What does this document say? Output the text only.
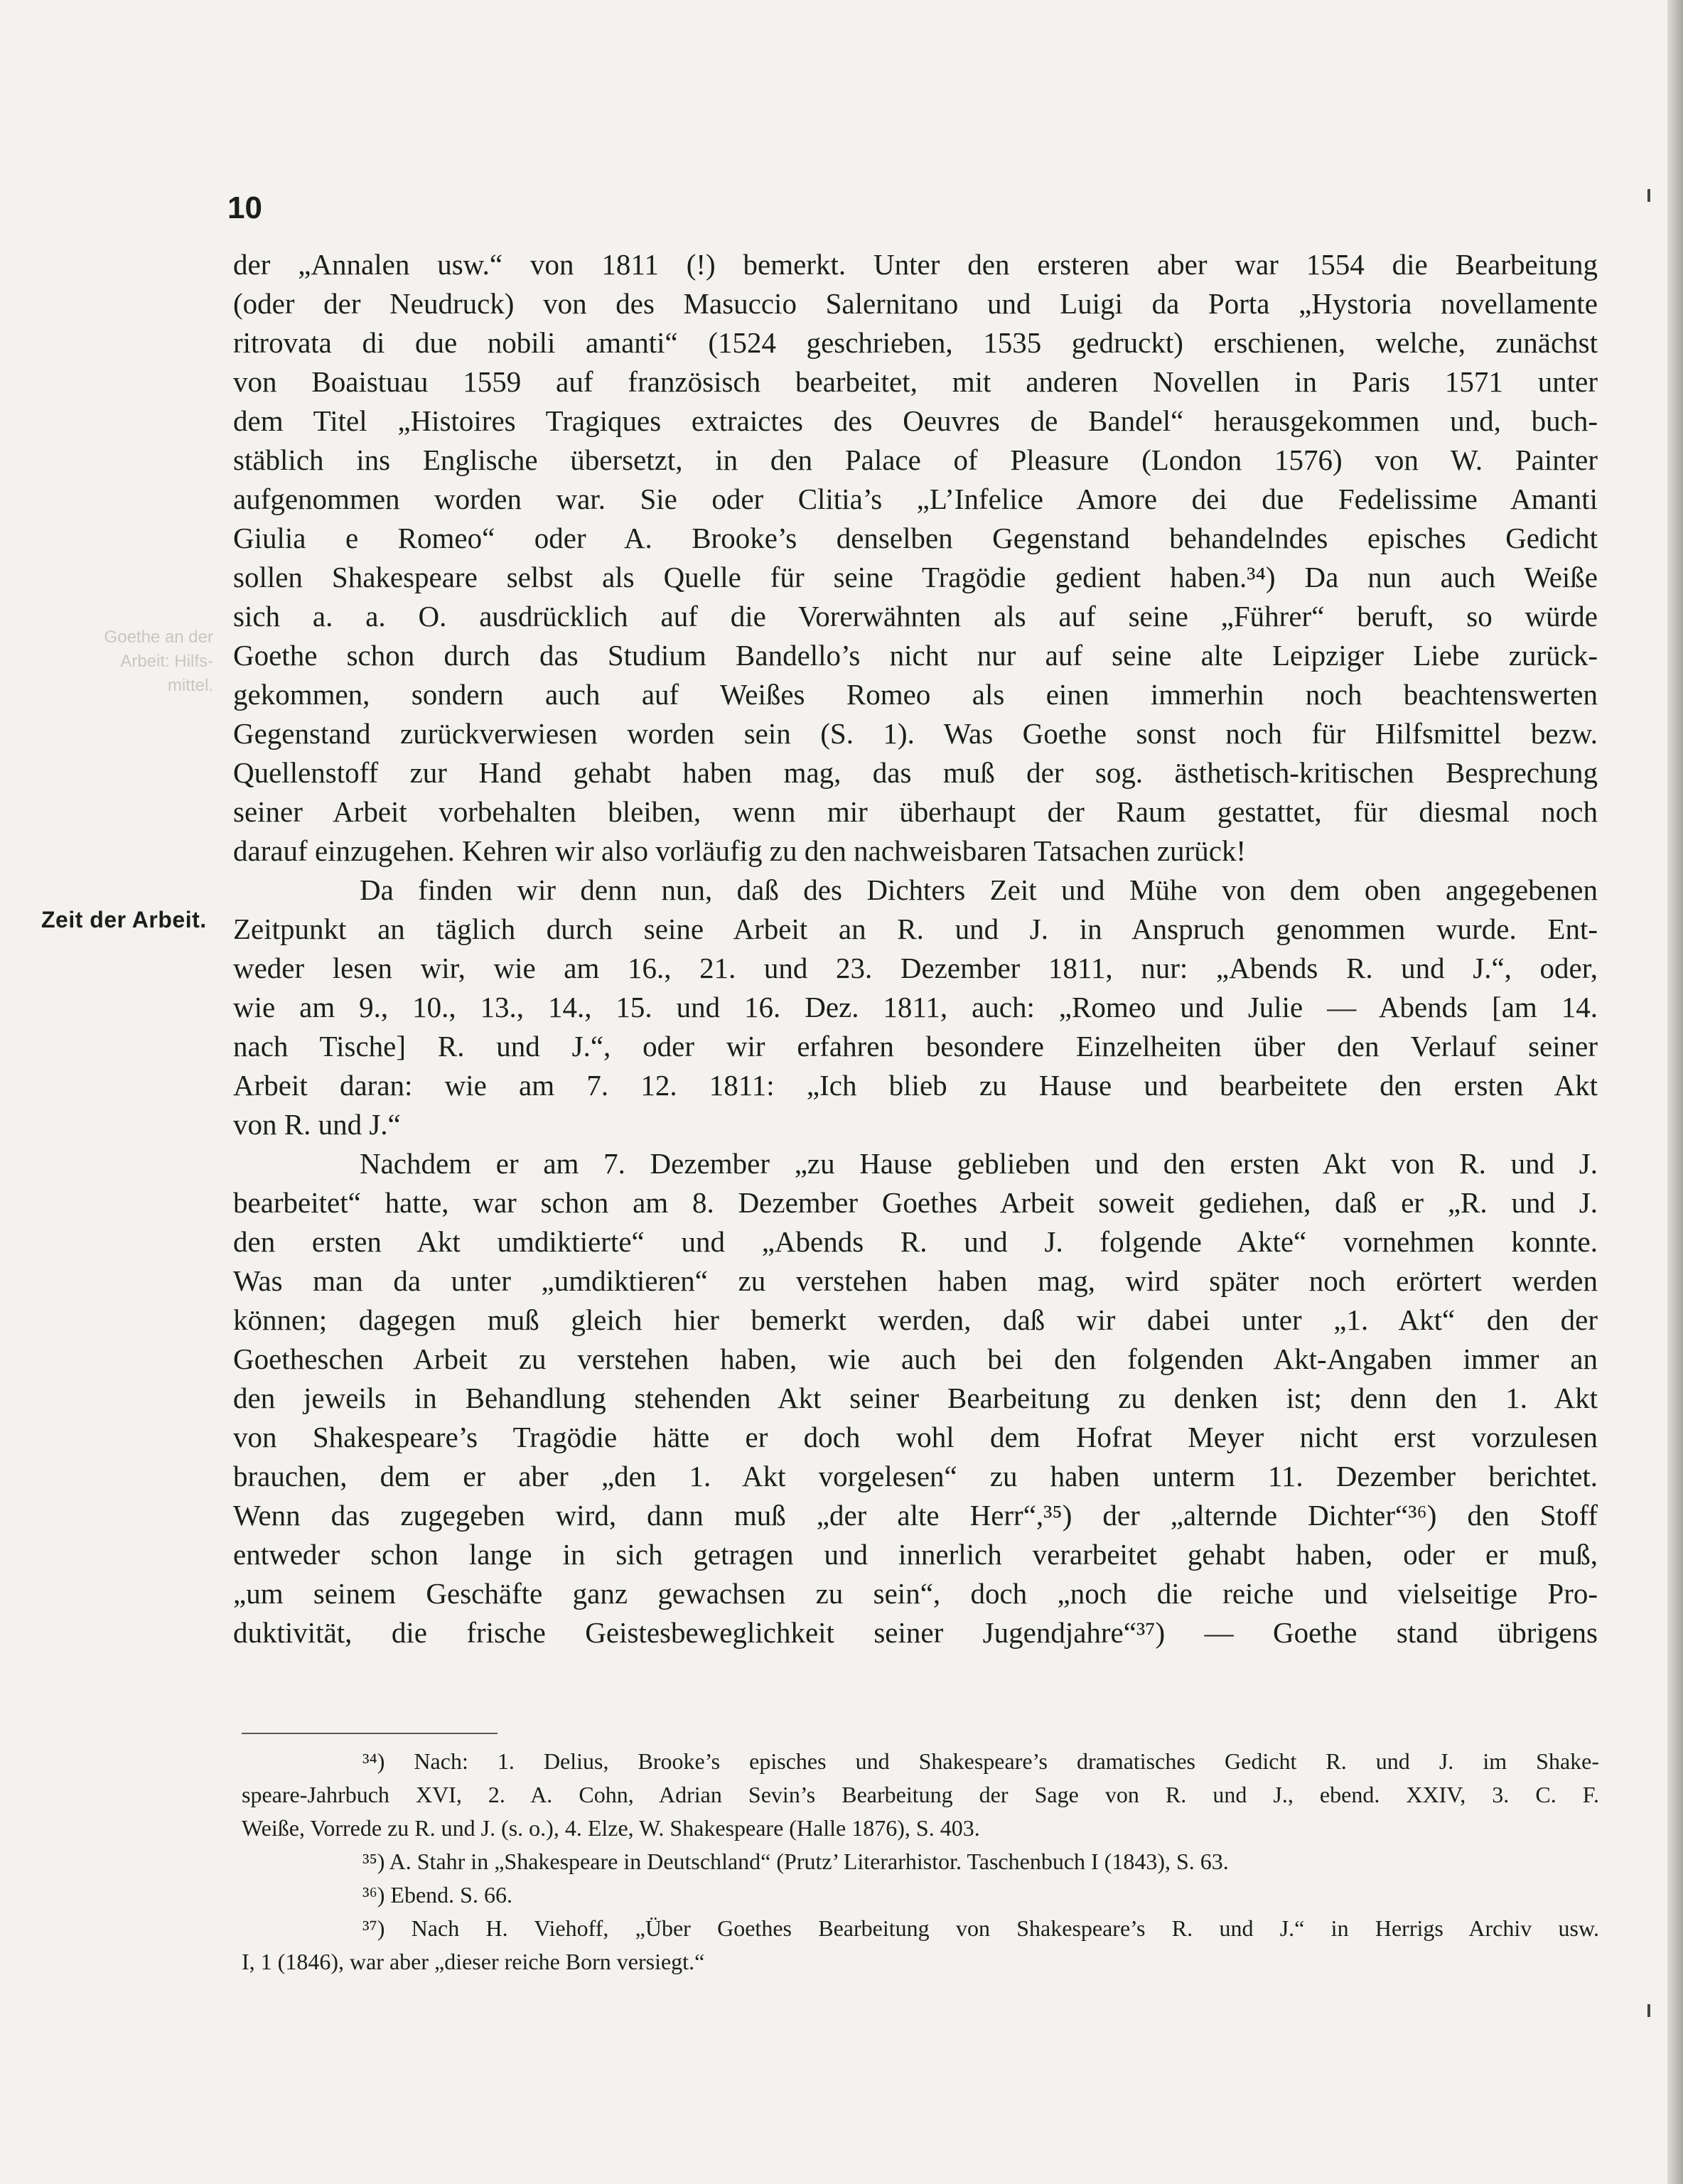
10
Goethe an der
Arbeit: Hilfs-
mittel.
Zeit der Arbeit.
der „Annalen usw.“ von 1811 (!) bemerkt. Unter den ersteren aber war 1554 die Bearbeitung
(oder der Neudruck) von des Masuccio Salernitano und Luigi da Porta „Hystoria novellamente
ritrovata di due nobili amanti“ (1524 geschrieben, 1535 gedruckt) erschienen, welche, zunächst
von Boaistuau 1559 auf französisch bearbeitet, mit anderen Novellen in Paris 1571 unter
dem Titel „Histoires Tragiques extraictes des Oeuvres de Bandel“ herausgekommen und, buch-
stäblich ins Englische übersetzt, in den Palace of Pleasure (London 1576) von W. Painter
aufgenommen worden war. Sie oder Clitia’s „L’Infelice Amore dei due Fedelissime Amanti
Giulia e Romeo“ oder A. Brooke’s denselben Gegenstand behandelndes episches Gedicht
sollen Shakespeare selbst als Quelle für seine Tragödie gedient haben.³⁴) Da nun auch Weiße
sich a. a. O. ausdrücklich auf die Vorerwähnten als auf seine „Führer“ beruft, so würde
Goethe schon durch das Studium Bandello’s nicht nur auf seine alte Leipziger Liebe zurück-
gekommen, sondern auch auf Weißes Romeo als einen immerhin noch beachtenswerten
Gegenstand zurückverwiesen worden sein (S. 1). Was Goethe sonst noch für Hilfsmittel bezw.
Quellenstoff zur Hand gehabt haben mag, das muß der sog. ästhetisch-kritischen Besprechung
seiner Arbeit vorbehalten bleiben, wenn mir überhaupt der Raum gestattet, für diesmal noch
darauf einzugehen. Kehren wir also vorläufig zu den nachweisbaren Tatsachen zurück!
Da finden wir denn nun, daß des Dichters Zeit und Mühe von dem oben angegebenen
Zeitpunkt an täglich durch seine Arbeit an R. und J. in Anspruch genommen wurde. Ent-
weder lesen wir, wie am 16., 21. und 23. Dezember 1811, nur: „Abends R. und J.“, oder,
wie am 9., 10., 13., 14., 15. und 16. Dez. 1811, auch: „Romeo und Julie — Abends [am 14.
nach Tische] R. und J.“, oder wir erfahren besondere Einzelheiten über den Verlauf seiner
Arbeit daran: wie am 7. 12. 1811: „Ich blieb zu Hause und bearbeitete den ersten Akt
von R. und J.“
Nachdem er am 7. Dezember „zu Hause geblieben und den ersten Akt von R. und J.
bearbeitet“ hatte, war schon am 8. Dezember Goethes Arbeit soweit gediehen, daß er „R. und J.
den ersten Akt umdiktierte“ und „Abends R. und J. folgende Akte“ vornehmen konnte.
Was man da unter „umdiktieren“ zu verstehen haben mag, wird später noch erörtert werden
können; dagegen muß gleich hier bemerkt werden, daß wir dabei unter „1. Akt“ den der
Goetheschen Arbeit zu verstehen haben, wie auch bei den folgenden Akt-Angaben immer an
den jeweils in Behandlung stehenden Akt seiner Bearbeitung zu denken ist; denn den 1. Akt
von Shakespeare’s Tragödie hätte er doch wohl dem Hofrat Meyer nicht erst vorzulesen
brauchen, dem er aber „den 1. Akt vorgelesen“ zu haben unterm 11. Dezember berichtet.
Wenn das zugegeben wird, dann muß „der alte Herr“,³⁵) der „alternde Dichter“³⁶) den Stoff
entweder schon lange in sich getragen und innerlich verarbeitet gehabt haben, oder er muß,
„um seinem Geschäfte ganz gewachsen zu sein“, doch „noch die reiche und vielseitige Pro-
duktivität, die frische Geistesbeweglichkeit seiner Jugendjahre“³⁷) — Goethe stand übrigens
³⁴) Nach: 1. Delius, Brooke’s episches und Shakespeare’s dramatisches Gedicht R. und J. im Shake-
speare-Jahrbuch XVI, 2. A. Cohn, Adrian Sevin’s Bearbeitung der Sage von R. und J., ebend. XXIV, 3. C. F.
Weiße, Vorrede zu R. und J. (s. o.), 4. Elze, W. Shakespeare (Halle 1876), S. 403.
³⁵) A. Stahr in „Shakespeare in Deutschland“ (Prutz’ Literarhistor. Taschenbuch I (1843), S. 63.
³⁶) Ebend. S. 66.
³⁷) Nach H. Viehoff, „Über Goethes Bearbeitung von Shakespeare’s R. und J.“ in Herrigs Archiv usw.
I, 1 (1846), war aber „dieser reiche Born versiegt.“
